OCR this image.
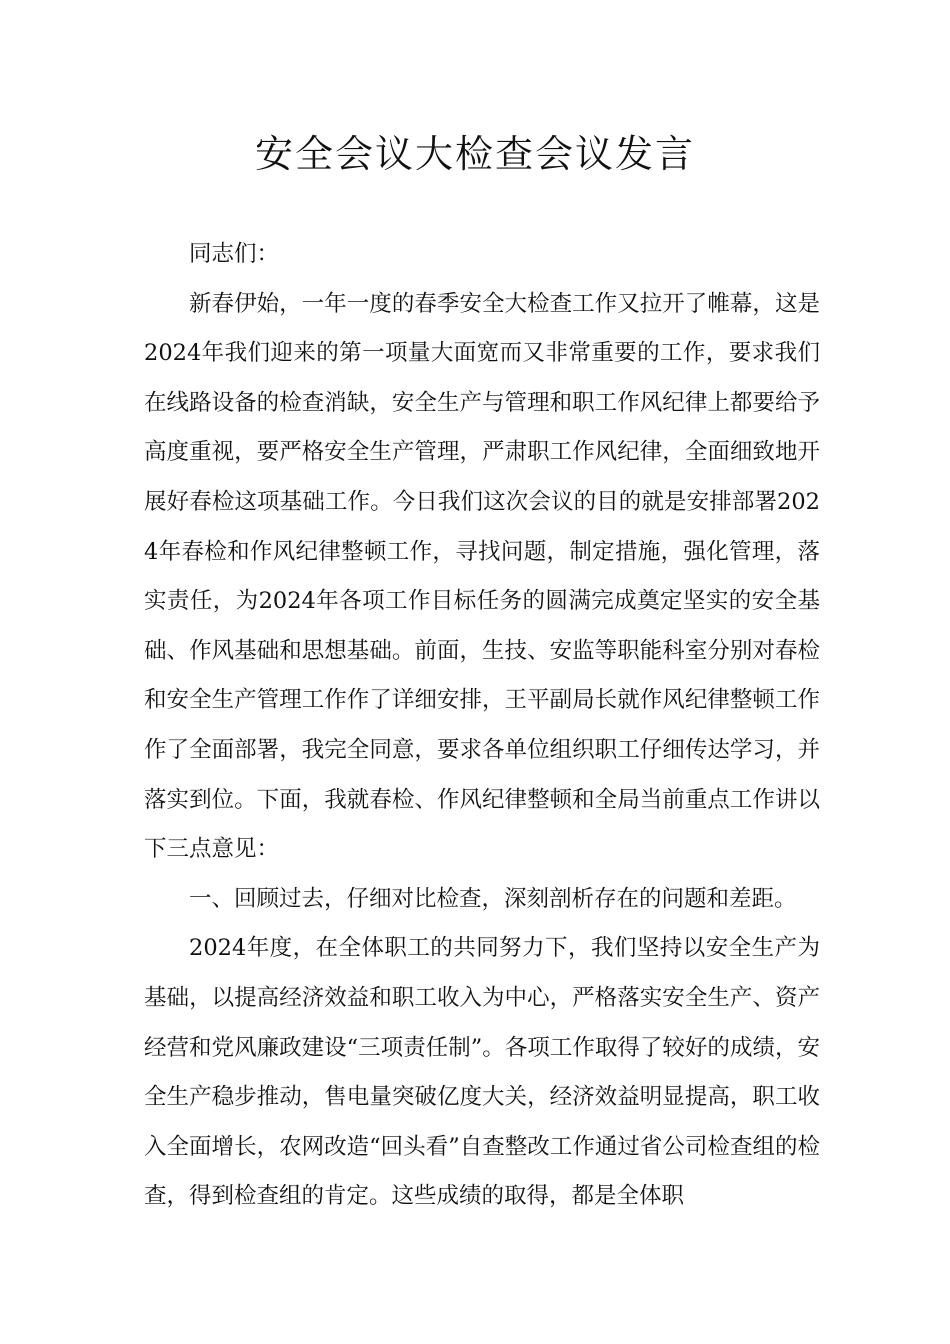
安全会议大检查会议发言

同志们：

新春伊始，一年一度的春季安全大检查工作又拉开了帷幕，这是2024年我们迎来的第一项量大面宽而又非常重要的工作，要求我们在线路设备的检查消缺，安全生产与管理和职工作风纪律上都要给予高度重视，要严格安全生产管理，严肃职工作风纪律，全面细致地开展好春检这项基础工作。今日我们这次会议的目的就是安排部署2024年春检和作风纪律整顿工作，寻找问题，制定措施，强化管理，落实责任，为2024年各项工作目标任务的圆满完成奠定坚实的安全基础、作风基础和思想基础。前面，生技、安监等职能科室分别对春检和安全生产管理工作作了详细安排，王平副局长就作风纪律整顿工作作了全面部署，我完全同意，要求各单位组织职工仔细传达学习，并落实到位。下面，我就春检、作风纪律整顿和全局当前重点工作讲以下三点意见：

一、回顾过去，仔细对比检查，深刻剖析存在的问题和差距。

2024年度，在全体职工的共同努力下，我们坚持以安全生产为基础，以提高经济效益和职工收入为中心，严格落实安全生产、资产经营和党风廉政建设“三项责任制”。各项工作取得了较好的成绩，安全生产稳步推动，售电量突破亿度大关，经济效益明显提高，职工收入全面增长，农网改造“回头看”自查整改工作通过省公司检查组的检查，得到检查组的肯定。这些成绩的取得，都是全体职
